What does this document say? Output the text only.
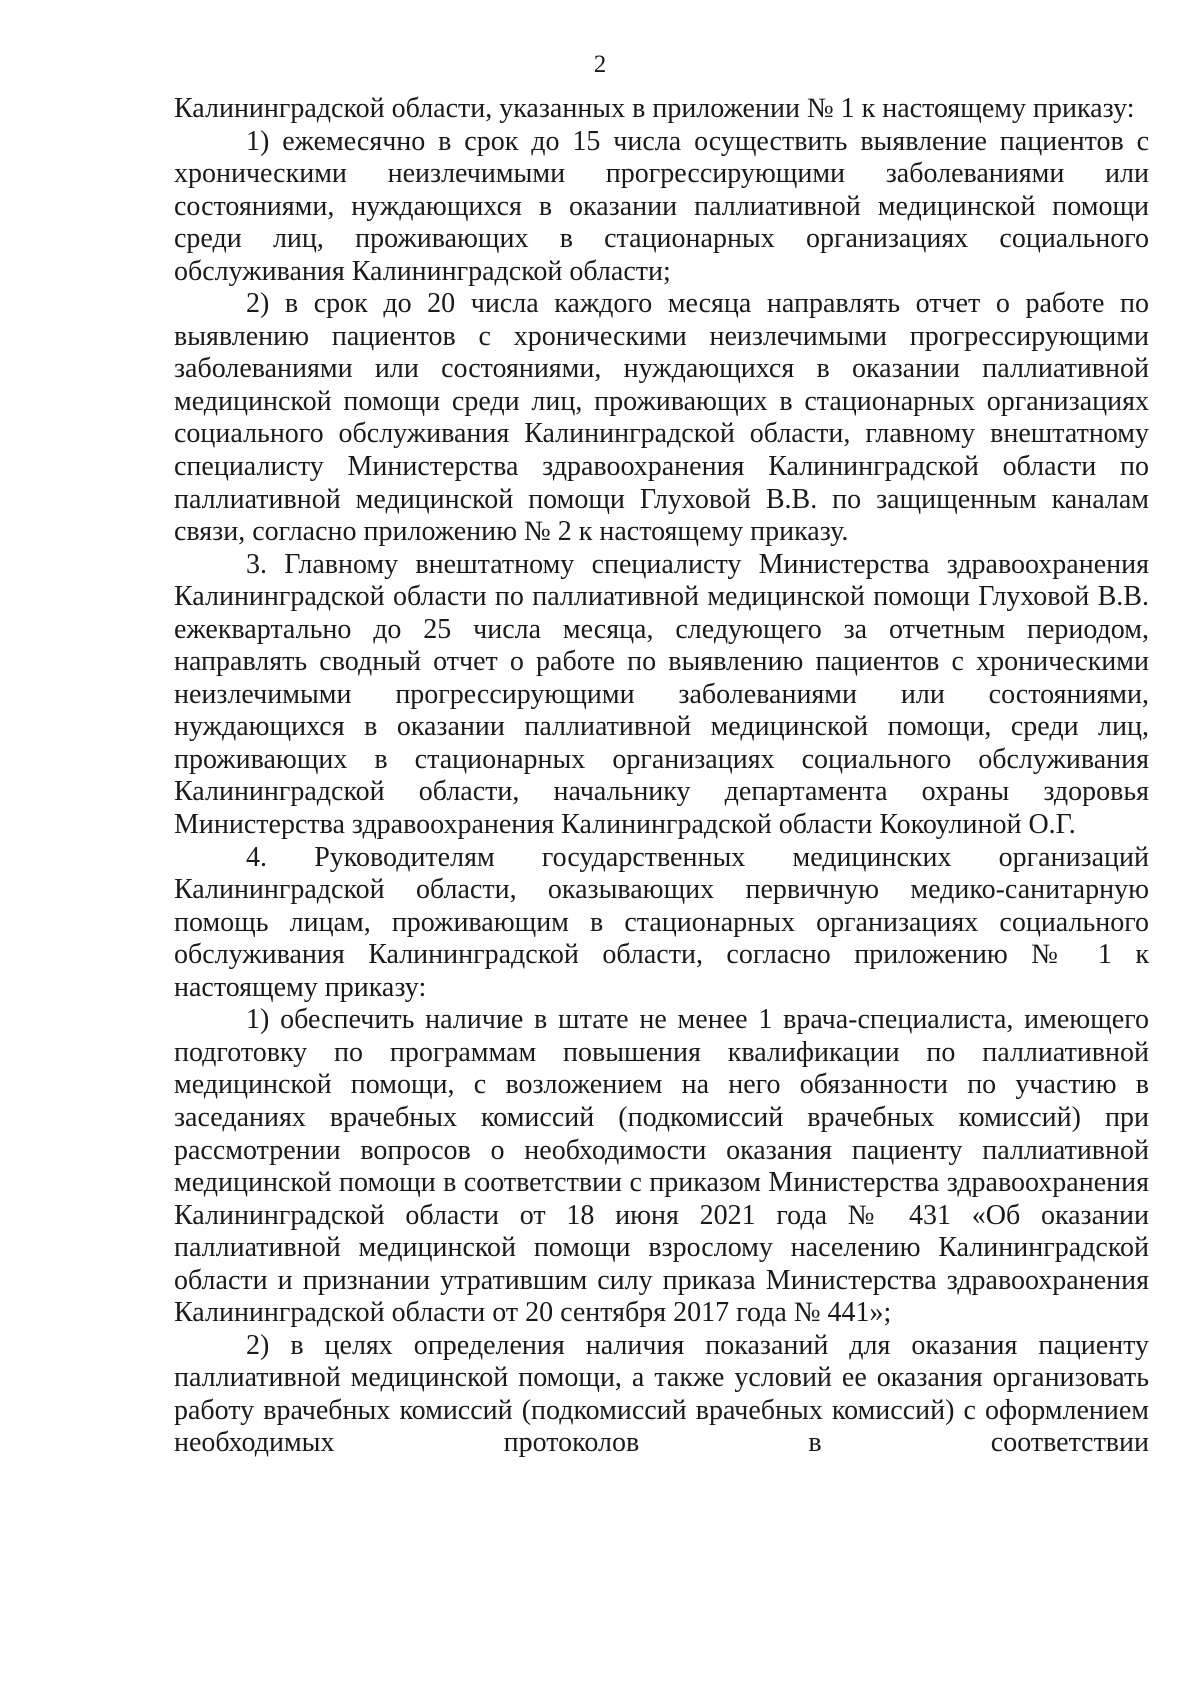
2

Калининградской области, указанных в приложении № 1 к настоящему приказу:

1) ежемесячно в срок до 15 числа осуществить выявление пациентов с хроническими неизлечимыми прогрессирующими заболеваниями или состояниями, нуждающихся в оказании паллиативной медицинской помощи среди лиц, проживающих в стационарных организациях социального обслуживания Калининградской области;

2) в срок до 20 числа каждого месяца направлять отчет о работе по выявлению пациентов с хроническими неизлечимыми прогрессирующими заболеваниями или состояниями, нуждающихся в оказании паллиативной медицинской помощи среди лиц, проживающих в стационарных организациях социального обслуживания Калининградской области, главному внештатному специалисту Министерства здравоохранения Калининградской области по паллиативной медицинской помощи Глуховой В.В. по защищенным каналам связи, согласно приложению № 2 к настоящему приказу.

3. Главному внештатному специалисту Министерства здравоохранения Калининградской области по паллиативной медицинской помощи Глуховой В.В. ежеквартально до 25 числа месяца, следующего за отчетным периодом, направлять сводный отчет о работе по выявлению пациентов с хроническими неизлечимыми прогрессирующими заболеваниями или состояниями, нуждающихся в оказании паллиативной медицинской помощи, среди лиц, проживающих в стационарных организациях социального обслуживания Калининградской области, начальнику департамента охраны здоровья Министерства здравоохранения Калининградской области Кокоулиной О.Г.

4. Руководителям государственных медицинских организаций Калининградской области, оказывающих первичную медико-санитарную помощь лицам, проживающим в стационарных организациях социального обслуживания Калининградской области, согласно приложению № 1 к настоящему приказу:

1) обеспечить наличие в штате не менее 1 врача-специалиста, имеющего подготовку по программам повышения квалификации по паллиативной медицинской помощи, с возложением на него обязанности по участию в заседаниях врачебных комиссий (подкомиссий врачебных комиссий) при рассмотрении вопросов о необходимости оказания пациенту паллиативной медицинской помощи в соответствии с приказом Министерства здравоохранения Калининградской области от 18 июня 2021 года № 431 «Об оказании паллиативной медицинской помощи взрослому населению Калининградской области и признании утратившим силу приказа Министерства здравоохранения Калининградской области от 20 сентября 2017 года № 441»;

2) в целях определения наличия показаний для оказания пациенту паллиативной медицинской помощи, а также условий ее оказания организовать работу врачебных комиссий (подкомиссий врачебных комиссий) с оформлением необходимых протоколов в соответствии
